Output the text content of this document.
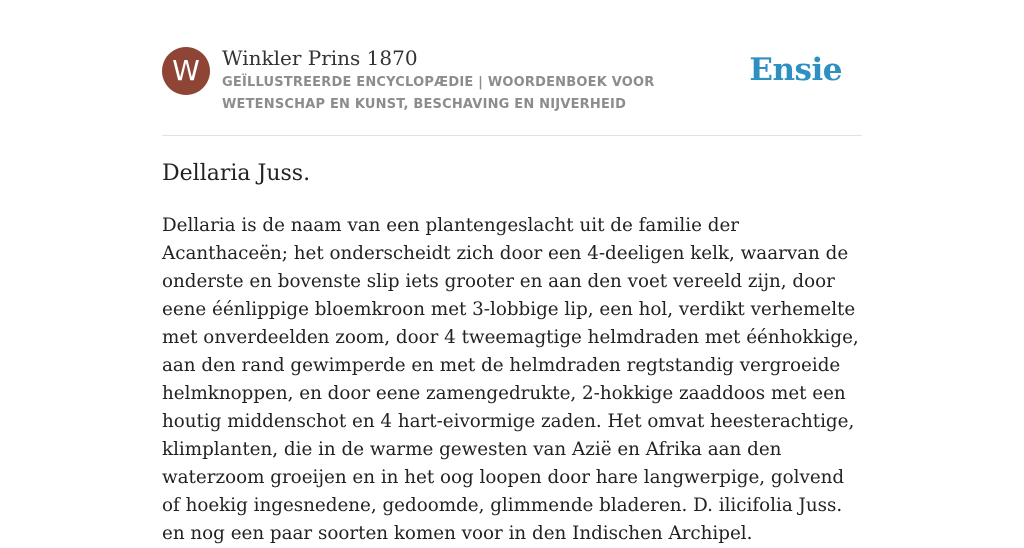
W	Winkler Prins 1870
GEÏLLUSTREERDE ENCYCLOPÆDIE | WOORDENBOEK VOOR WETENSCHAP EN KUNST, BESCHAVING EN NIJVERHEID
Ensie
Dellaria Juss.

Dellaria is de naam van een plantengeslacht uit de familie der Acanthaceën; het onderscheidt zich door een 4-deeligen kelk, waarvan de onderste en bovenste slip iets grooter en aan den voet vereeld zijn, door eene éénlippige bloemkroon met 3-lobbige lip, een hol, verdikt verhemelte met onverdeelden zoom, door 4 tweemagtige helmdraden met éénhokkige, aan den rand gewimperde en met de helmdraden regtstandig vergroeide helmknoppen, en door eene zamengedrukte, 2-hokkige zaaddoos met een houtig middenschot en 4 hart-eivormige zaden. Het omvat heesterachtige, klimplanten, die in de warme gewesten van Azië en Afrika aan den waterzoom groeijen en in het oog loopen door hare langwerpige, golvend of hoekig ingesnedene, gedoomde, glimmende bladeren. D. ilicifolia Juss. en nog een paar soorten komen voor in den Indischen Archipel.
